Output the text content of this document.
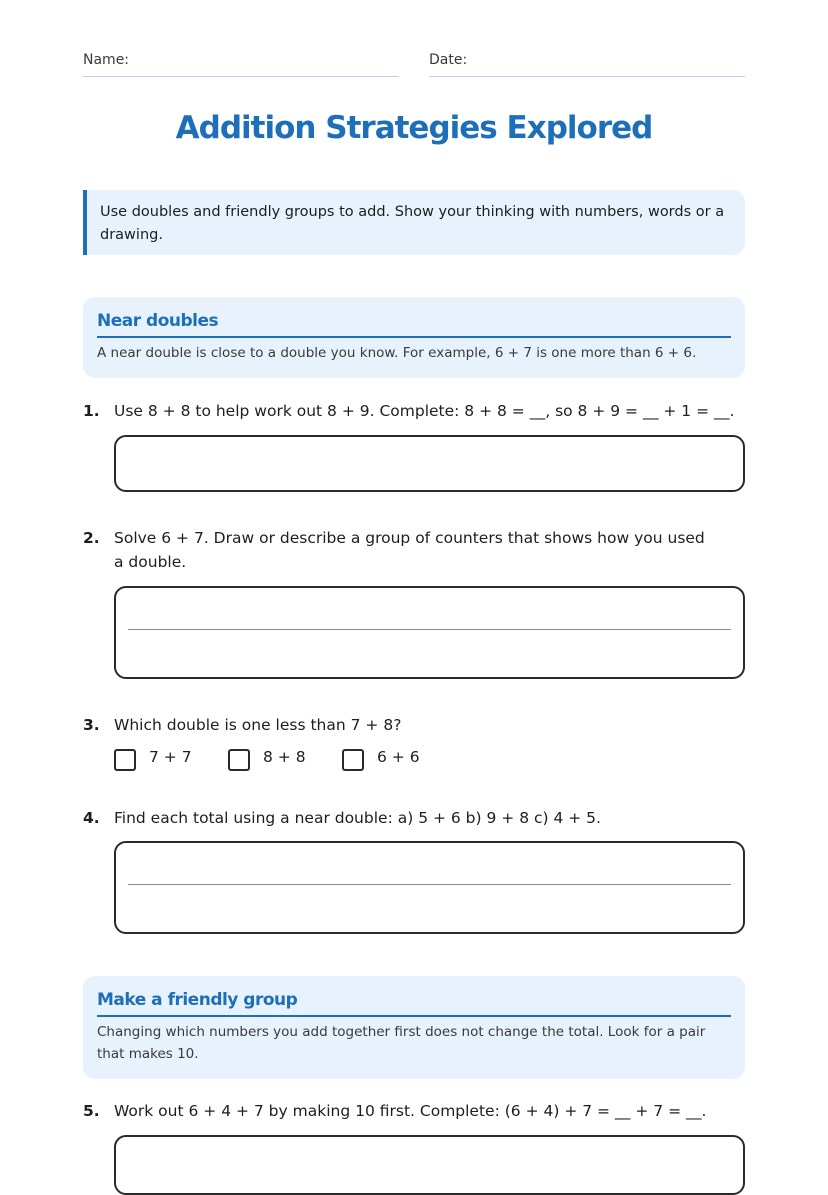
Name:	Date:
Addition Strategies Explored
Use doubles and friendly groups to add. Show your thinking with numbers, words or a drawing.
Near doubles
A near double is close to a double you know. For example, 6 + 7 is one more than 6 + 6.
1. Use 8 + 8 to help work out 8 + 9. Complete: 8 + 8 = __, so 8 + 9 = __ + 1 = __.
2. Solve 6 + 7. Draw or describe a group of counters that shows how you used a double.
3. Which double is one less than 7 + 8?
7 + 7	8 + 8	6 + 6
4. Find each total using a near double: a) 5 + 6 b) 9 + 8 c) 4 + 5.
Make a friendly group
Changing which numbers you add together first does not change the total. Look for a pair that makes 10.
5. Work out 6 + 4 + 7 by making 10 first. Complete: (6 + 4) + 7 = __ + 7 = __.
